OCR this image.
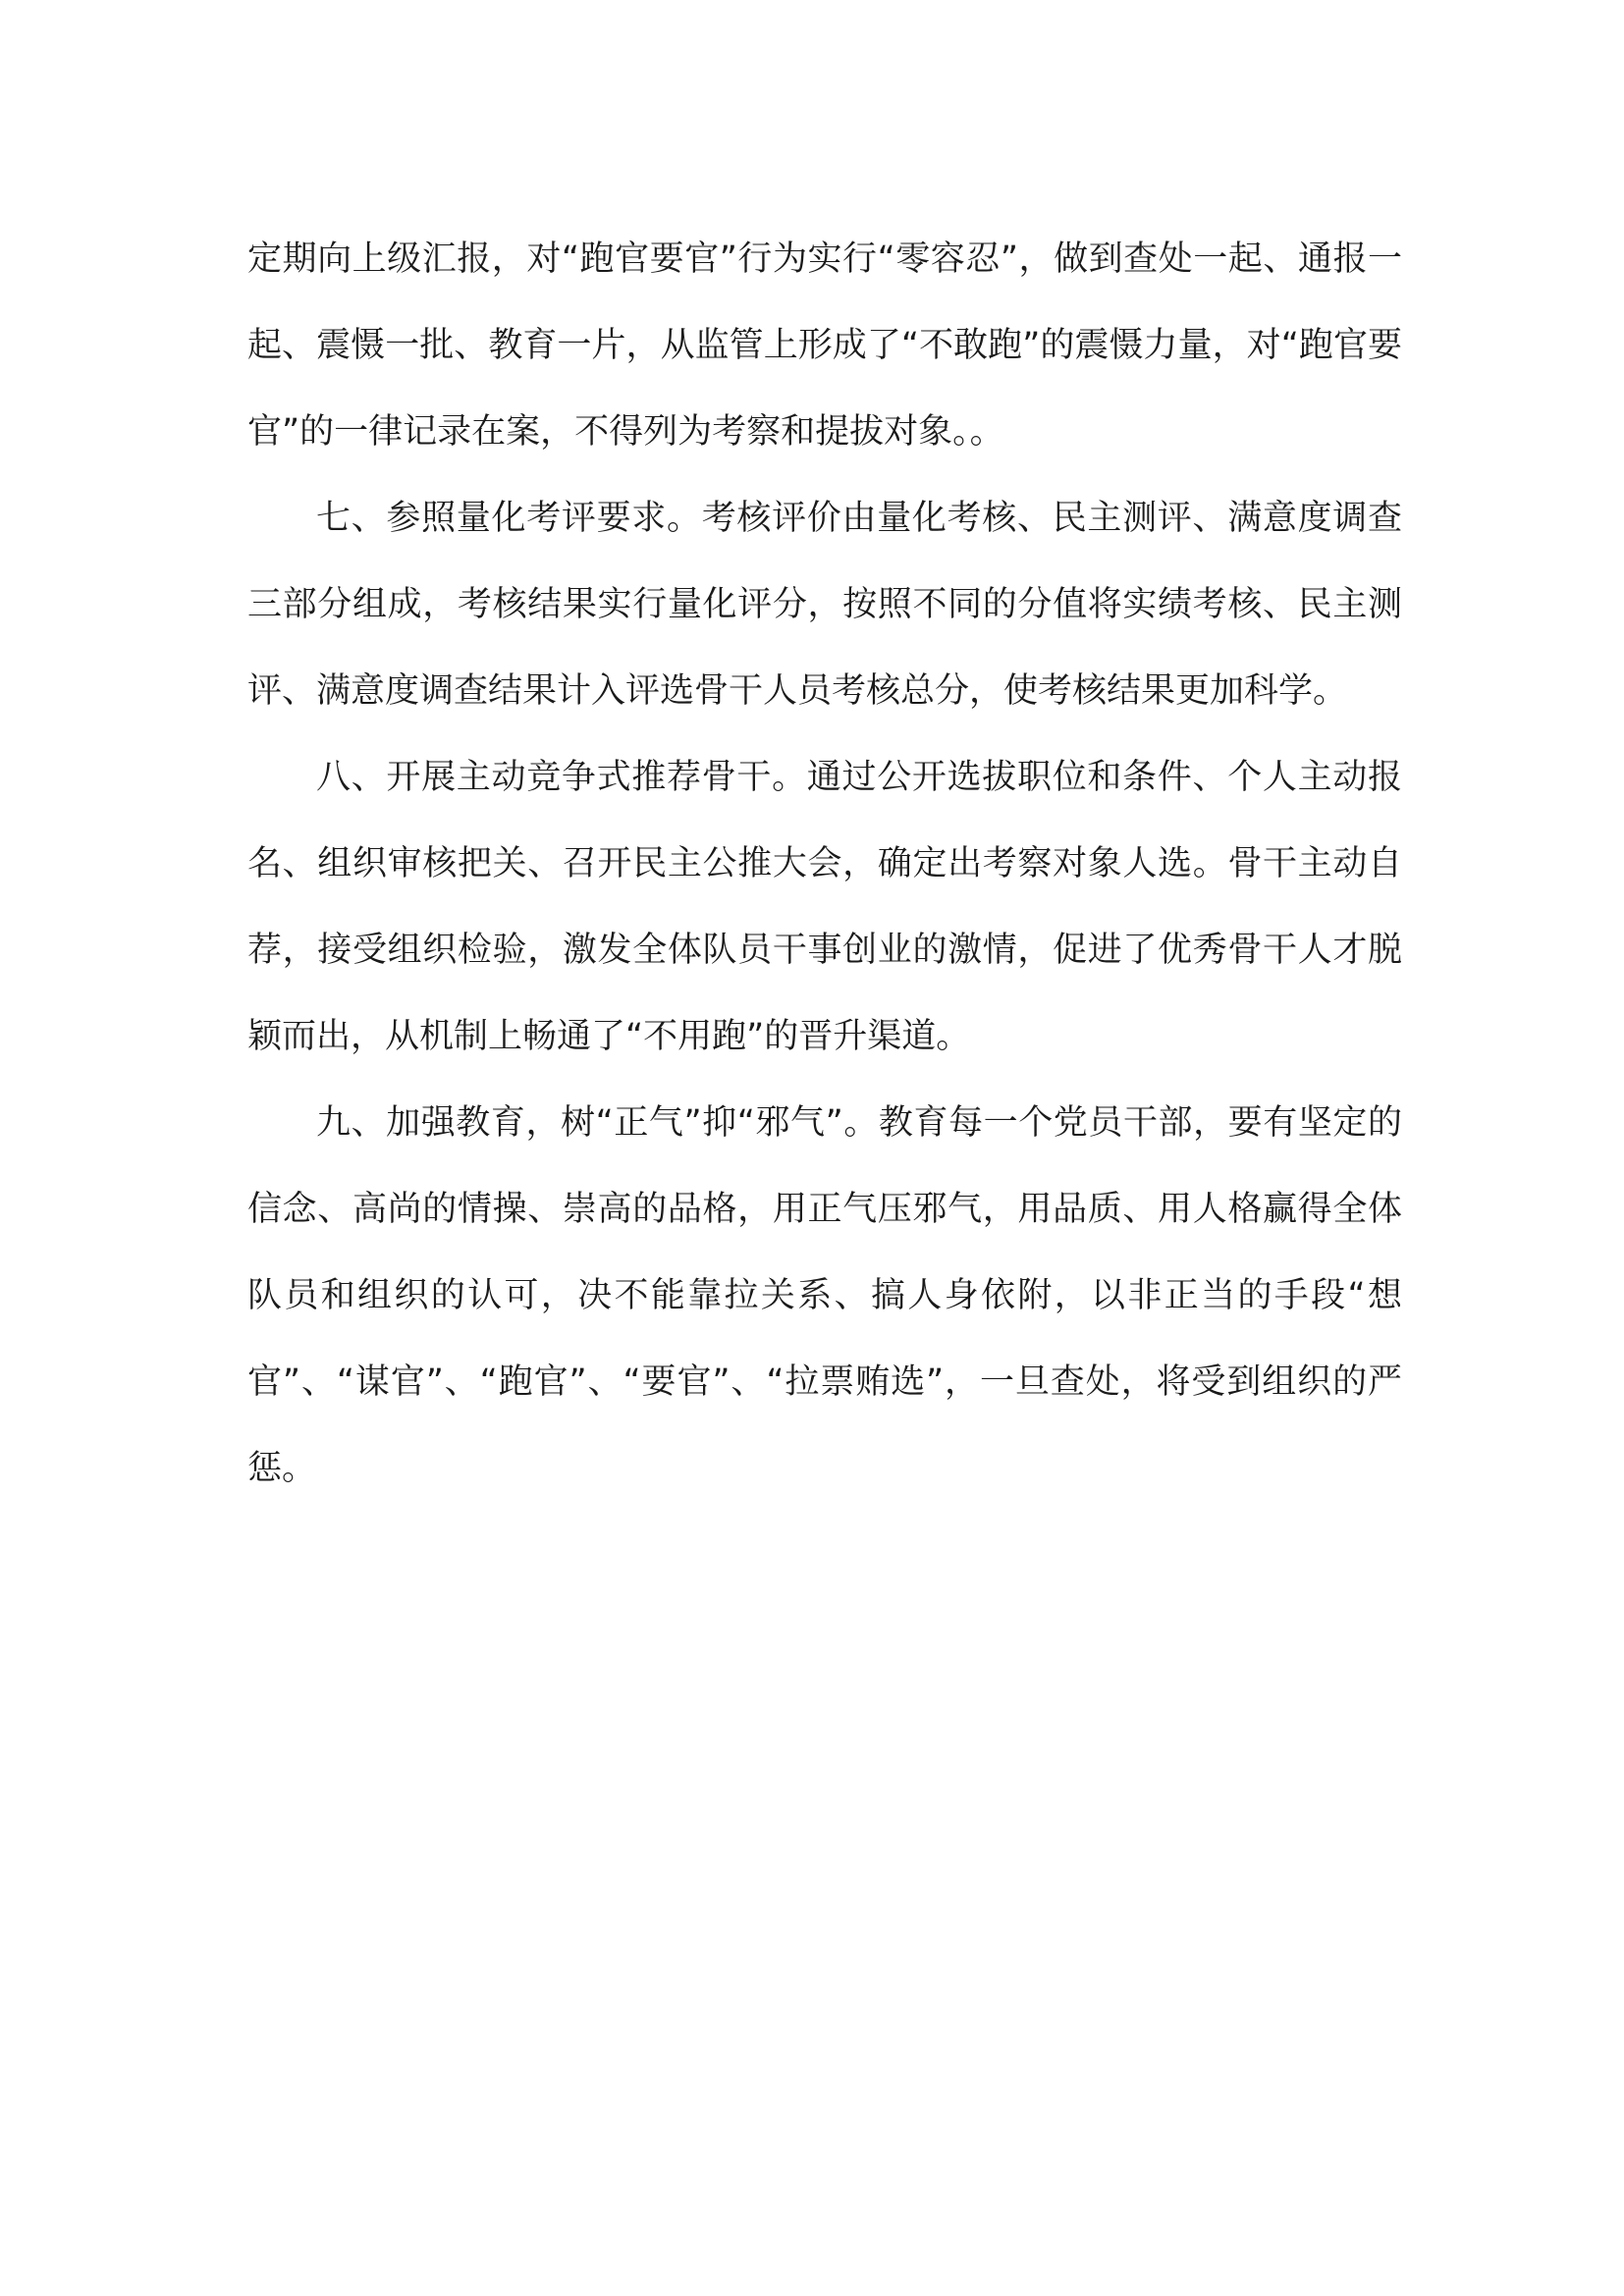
定期向上级汇报，对“跑官要官”行为实行“零容忍”，做到查处一起、通报一起、震慑一批、教育一片，从监管上形成了“不敢跑”的震慑力量，对“跑官要官”的一律记录在案，不得列为考察和提拔对象。。

七、参照量化考评要求。考核评价由量化考核、民主测评、满意度调查三部分组成，考核结果实行量化评分，按照不同的分值将实绩考核、民主测评、满意度调查结果计入评选骨干人员考核总分，使考核结果更加科学。

八、开展主动竞争式推荐骨干。通过公开选拔职位和条件、个人主动报名、组织审核把关、召开民主公推大会，确定出考察对象人选。骨干主动自荐，接受组织检验，激发全体队员干事创业的激情，促进了优秀骨干人才脱颖而出，从机制上畅通了“不用跑”的晋升渠道。

九、加强教育，树“正气”抑“邪气”。教育每一个党员干部，要有坚定的信念、高尚的情操、崇高的品格，用正气压邪气，用品质、用人格赢得全体队员和组织的认可，决不能靠拉关系、搞人身依附，以非正当的手段“想官”、“谋官”、“跑官”、“要官”、“拉票贿选”，一旦查处，将受到组织的严惩。
